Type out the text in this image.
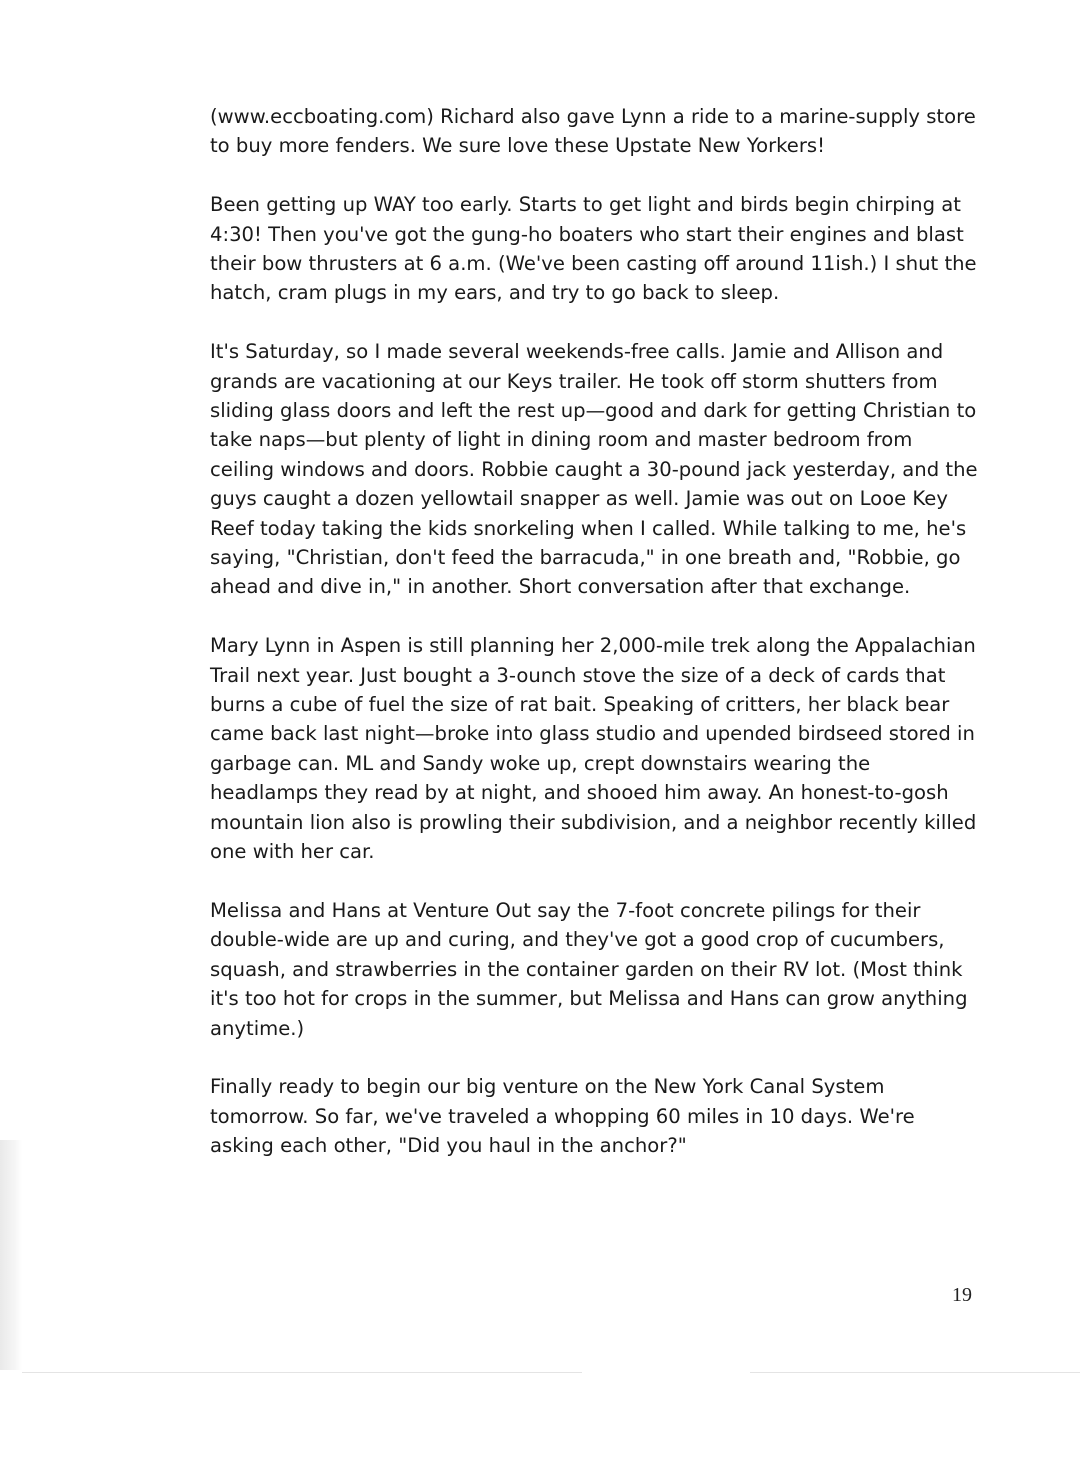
(www.eccboating.com) Richard also gave Lynn a ride to a marine-supply store to buy more fenders. We sure love these Upstate New Yorkers!

Been getting up WAY too early. Starts to get light and birds begin chirping at 4:30! Then you've got the gung-ho boaters who start their engines and blast their bow thrusters at 6 a.m. (We've been casting off around 11ish.) I shut the hatch, cram plugs in my ears, and try to go back to sleep.

It's Saturday, so I made several weekends-free calls. Jamie and Allison and grands are vacationing at our Keys trailer. He took off storm shutters from sliding glass doors and left the rest up—good and dark for getting Christian to take naps—but plenty of light in dining room and master bedroom from ceiling windows and doors. Robbie caught a 30-pound jack yesterday, and the guys caught a dozen yellowtail snapper as well. Jamie was out on Looe Key Reef today taking the kids snorkeling when I called. While talking to me, he's saying, "Christian, don't feed the barracuda," in one breath and, "Robbie, go ahead and dive in," in another. Short conversation after that exchange.

Mary Lynn in Aspen is still planning her 2,000-mile trek along the Appalachian Trail next year. Just bought a 3-ounch stove the size of a deck of cards that burns a cube of fuel the size of rat bait. Speaking of critters, her black bear came back last night—broke into glass studio and upended birdseed stored in garbage can. ML and Sandy woke up, crept downstairs wearing the headlamps they read by at night, and shooed him away. An honest-to-gosh mountain lion also is prowling their subdivision, and a neighbor recently killed one with her car.

Melissa and Hans at Venture Out say the 7-foot concrete pilings for their double-wide are up and curing, and they've got a good crop of cucumbers, squash, and strawberries in the container garden on their RV lot. (Most think it's too hot for crops in the summer, but Melissa and Hans can grow anything anytime.)

Finally ready to begin our big venture on the New York Canal System tomorrow. So far, we've traveled a whopping 60 miles in 10 days. We're asking each other, "Did you haul in the anchor?"

19
